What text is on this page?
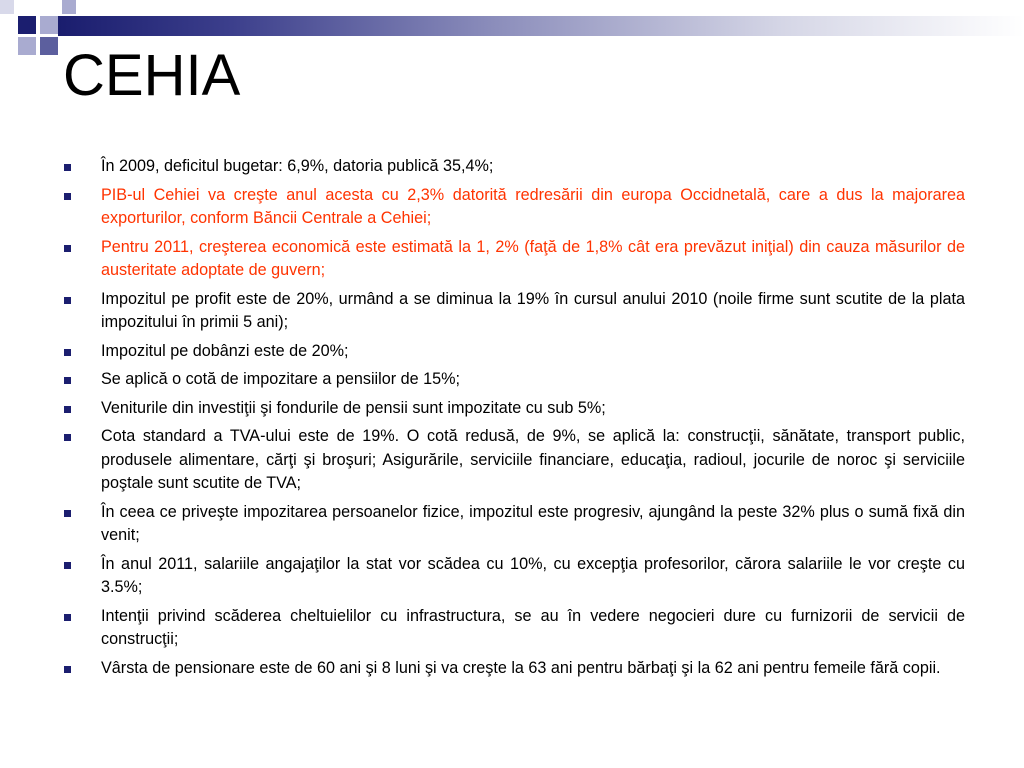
CEHIA
În 2009, deficitul bugetar: 6,9%, datoria publică 35,4%;
PIB-ul Cehiei va creşte anul acesta cu 2,3% datorită redresării din europa Occidnetală, care a dus la majorarea exporturilor, conform Băncii Centrale a Cehiei;
Pentru 2011, creşterea economică este estimată la 1, 2% (faţă de 1,8% cât era prevăzut iniţial) din cauza măsurilor de austeritate adoptate de guvern;
Impozitul pe profit este de 20%, urmând a se diminua la 19% în cursul anului 2010 (noile firme sunt scutite de la plata impozitului în primii 5 ani);
Impozitul pe dobânzi este de 20%;
Se aplică o cotă de impozitare a pensiilor de 15%;
Veniturile din investiţii şi fondurile de pensii sunt impozitate cu sub 5%;
Cota standard a TVA-ului este de 19%. O cotă redusă, de 9%, se aplică la: construcţii, sănătate, transport public, produsele alimentare, cărţi şi broşuri; Asigurările, serviciile financiare, educaţia, radioul, jocurile de noroc şi serviciile poştale sunt scutite de TVA;
În ceea ce priveşte impozitarea persoanelor fizice, impozitul este progresiv, ajungând la peste 32% plus o sumă fixă din venit;
În anul 2011, salariile angajaţilor la stat vor scădea cu 10%, cu excepţia profesorilor, cărora salariile le vor creşte cu 3.5%;
Intenţii privind scăderea cheltuielilor cu infrastructura, se au în vedere negocieri dure cu furnizorii de servicii de construcţii;
Vârsta de pensionare este de 60 ani şi 8 luni şi va creşte la 63 ani pentru bărbaţi şi la 62 ani pentru femeile fără copii.
